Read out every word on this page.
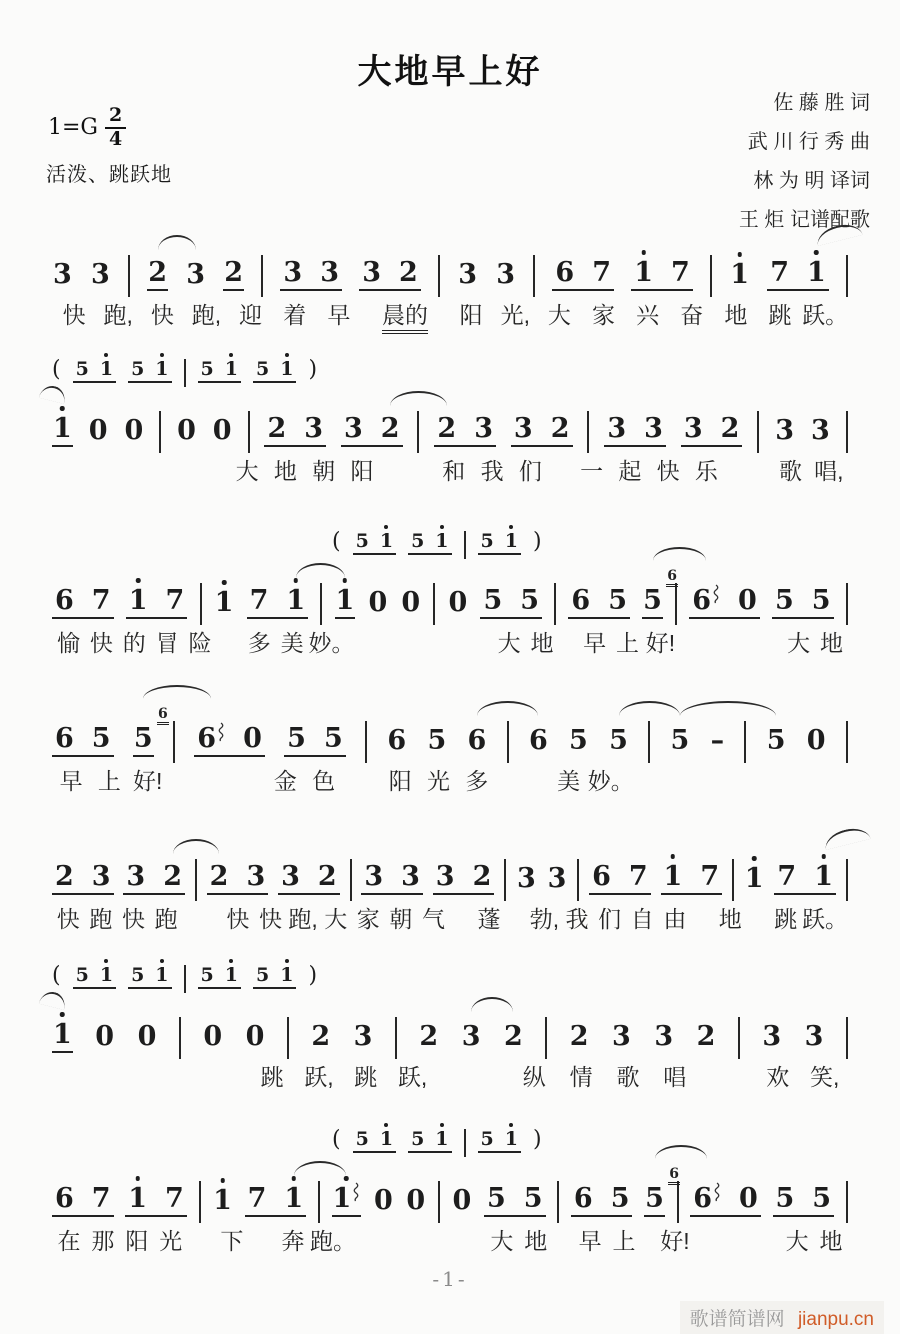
大地早上好
佐 藤 胜 词
武 川 行 秀 曲
林 为 明 译词
王 炬 记谱配歌
$1=G \frac{2}{4}$
活泼、跳跃地
3 3 2 3 2 3 3 3 2 3 3 6 7 1 7 1 7 1
快 跑, 快 跑, 迎 着 早	晨的	阳 光, 大 家 兴 奋 地 跳 跃。
( 5 1 5 1 5 1 5 1 )
1 0 0 0 0 2 3 3 2 2 3 3 2 3 3 3 2 3 3
大 地 朝 阳	和 我 们	一 起 快 乐	歌 唱,
( 5 1 5 1 5 1 )
6 7 1 7 1 7 1 1 0 0 0 5 5 6 5 5
6
6 0 5 5
愉 快 的 冒 险 多 美 妙。	大 地 早 上 好!	大 地
6 5 5
6
6 0 5 5 6 5 6 6 5 5 5 – 5 0
早 上 好!	金 色	阳 光 多	美 妙。
2 3 3 2 2 3 3 2 3 3 3 2 3 3 6 7 1 7 1 7 1
快 跑 快 跑 快 快 跑, 大 家 朝 气 蓬 勃, 我 们 自 由 地 跳 跃。
( 5 1 5 1 5 1 5 1 )
1 0 0 0 0 2 3 2 3 2 2 3 3 2 3 3
跳 跃, 跳 跃,	纵	情	歌	唱	欢 笑,
( 5 1 5 1 5 1 )
6 7 1 7 1 7 1 1 0 0 0 5 5 6 5 5
6
6 0 5 5
在 那 阳 光 下 奔 跑。	大 地 早 上 好!	大 地
-1-
歌谱简谱网 jianpu.cn
